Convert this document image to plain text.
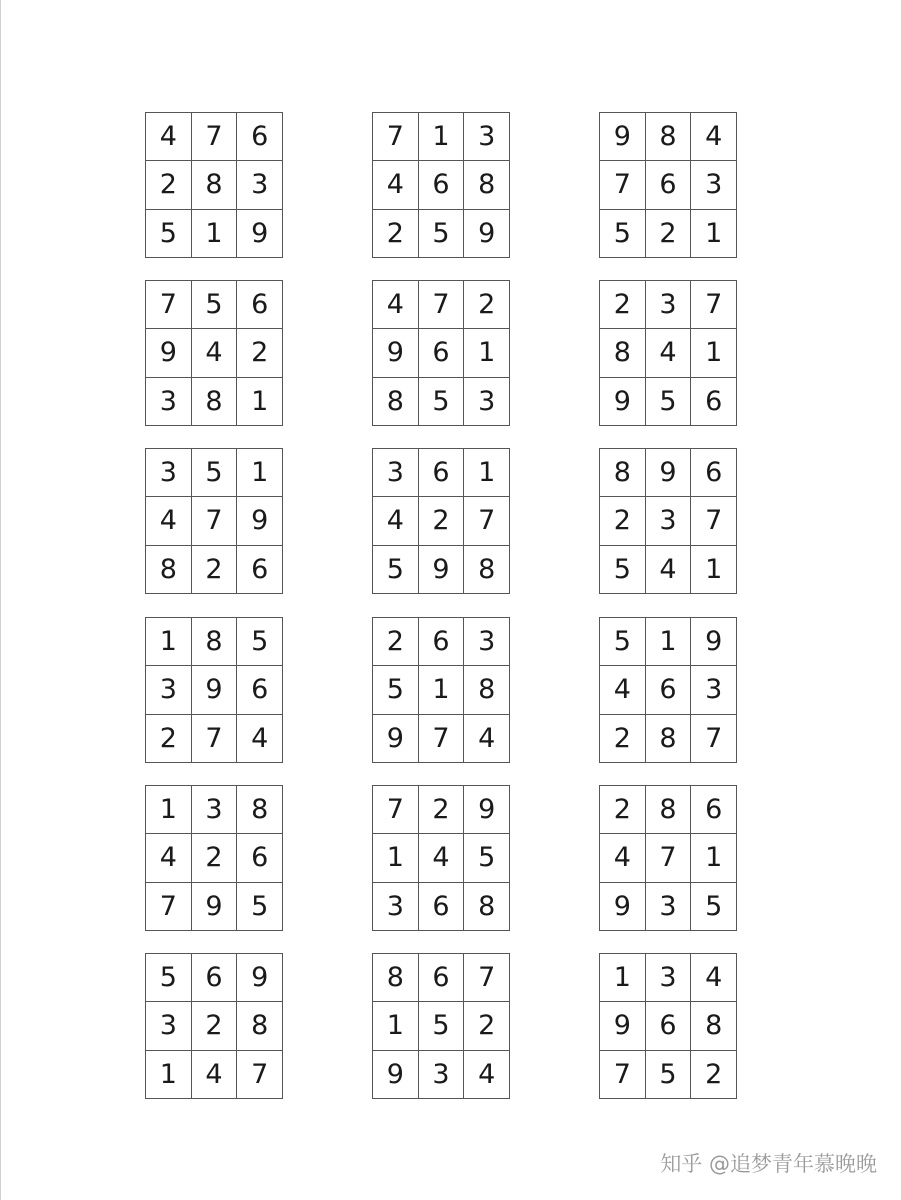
4	7	6
2	8	3
5	1	9
7	1	3
4	6	8
2	5	9
9	8	4
7	6	3
5	2	1
7	5	6
9	4	2
3	8	1
4	7	2
9	6	1
8	5	3
2	3	7
8	4	1
9	5	6
3	5	1
4	7	9
8	2	6
3	6	1
4	2	7
5	9	8
8	9	6
2	3	7
5	4	1
1	8	5
3	9	6
2	7	4
2	6	3
5	1	8
9	7	4
5	1	9
4	6	3
2	8	7
1	3	8
4	2	6
7	9	5
7	2	9
1	4	5
3	6	8
2	8	6
4	7	1
9	3	5
5	6	9
3	2	8
1	4	7
8	6	7
1	5	2
9	3	4
1	3	4
9	6	8
7	5	2
知乎 @追梦青年慕晚晚
